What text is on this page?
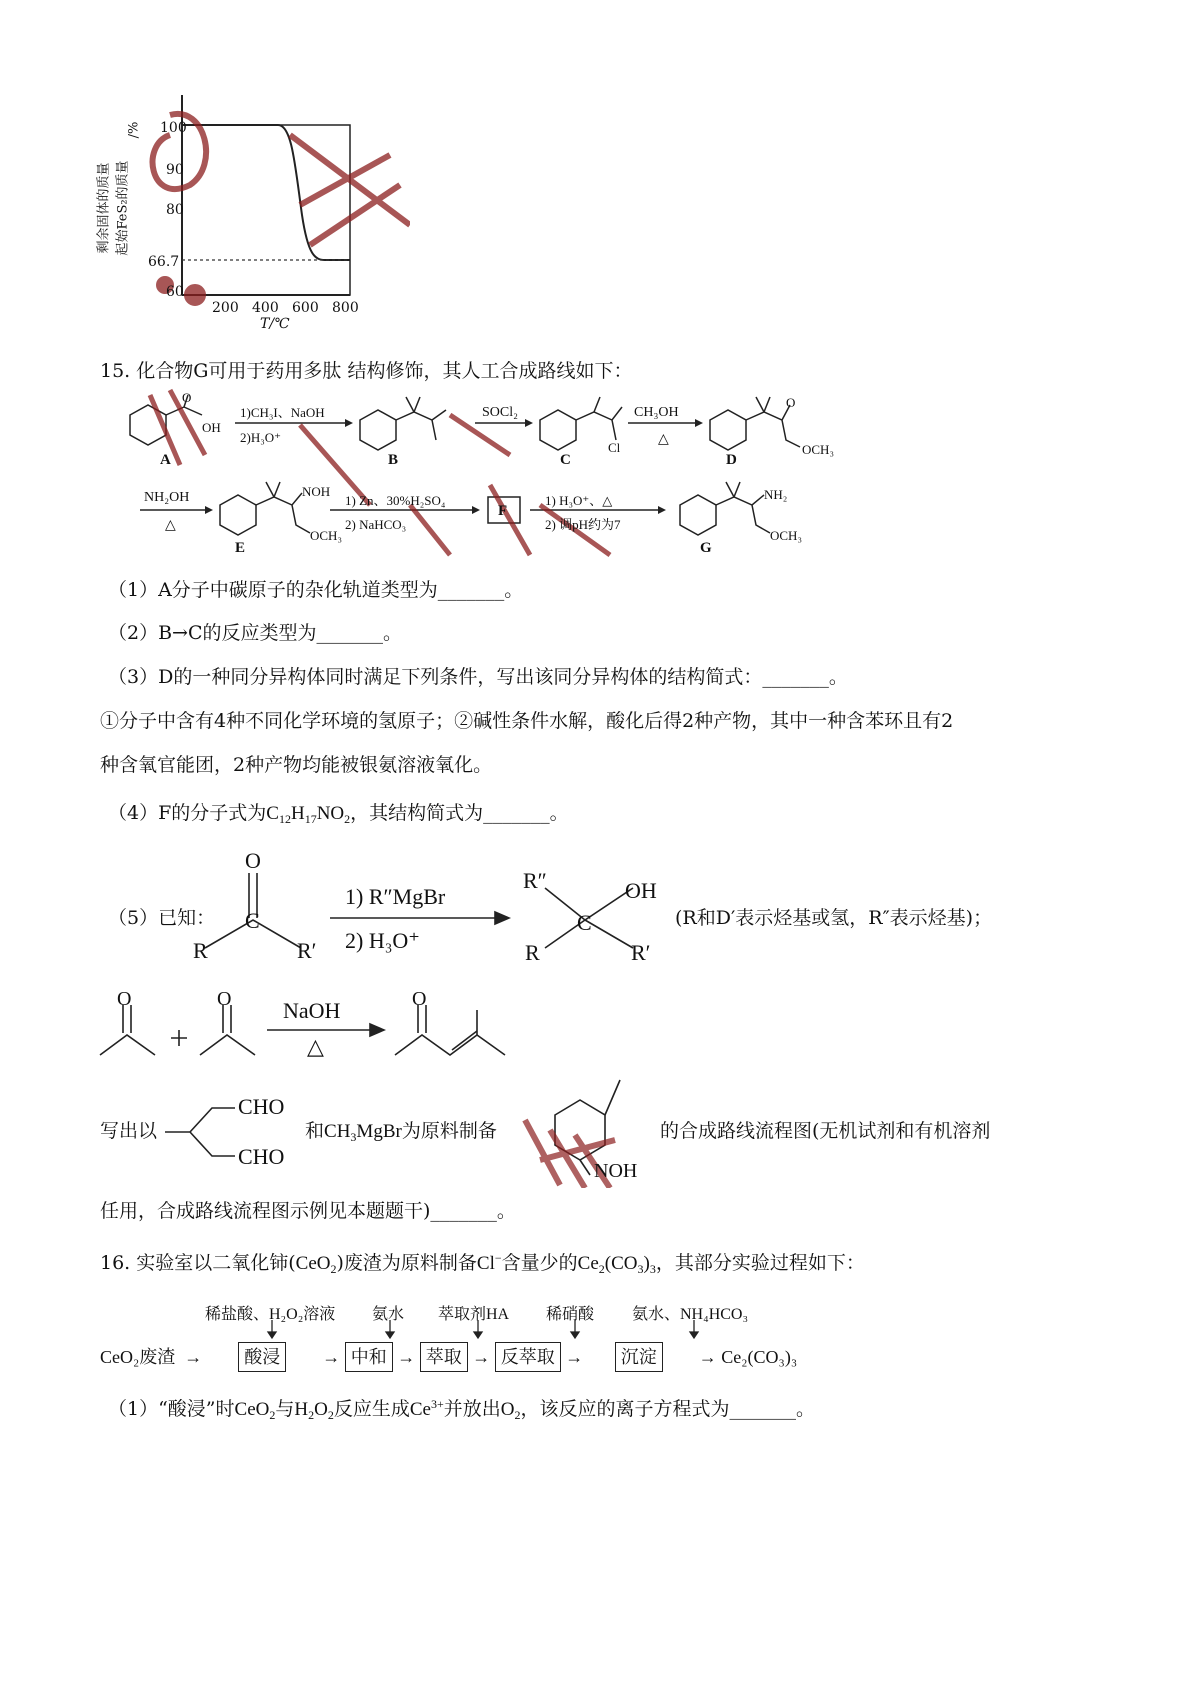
100
90
80
66.7
60
200 400 600 800
T/℃
剩余固体的质量 起始FeS₂的质量
/%
15. 化合物G可用于药用多肽 结构修饰，其人工合成路线如下：
1)CH₃I、NaOH
2)H₃O⁺
SOCl₂	CH₃OH
△
NH₂OH
△
1) Zn、30%H₂SO₄
2) NaHCO₃
1) H₃O⁺、△
2) 调pH约为7
A	B	C	D
E
F
G
O
OH
Cl
O
OCH₃
NOH
OCH₃
NH₂
OCH₃
（1）A分子中碳原子的杂化轨道类型为_______。
（2）B→C的反应类型为_______。
（3）D的一种同分异构体同时满足下列条件，写出该同分异构体的结构简式：_______。
①分子中含有4种不同化学环境的氢原子；②碱性条件水解，酸化后得2种产物，其中一种含苯环且有2
种含氧官能团，2种产物均能被银氨溶液氧化。
（4）F的分子式为$C_{12}H_{17}NO_2$，其结构简式为_______。
（5）已知：
O
R
C
R′
1) R″MgBr
2) H₃O⁺
R″	OH
C
R	R′
(R和D′表示烃基或氢，R″表示烃基)；
O	O NaOH
△
O
写出以
CHO
CHO
和$CH_3MgBr$为原料制备
NOH
的合成路线流程图(无机试剂和有机溶剂
任用，合成路线流程图示例见本题题干)_______。
16. 实验室以二氧化铈(CeO$_2$)废渣为原料制备Cl−含量少的$Ce_2(CO_3)_3$，其部分实验过程如下：
稀盐酸、H₂O₂溶液 氨水 萃取剂HA 稀硝酸 氨水、NH₄HCO₃
CeO₂废渣  →        酸浸        → 中和 → 萃取 → 反萃取 →       沉淀        → Ce₂(CO₃)₃
（1）“酸浸”时CeO$_2$与$H_2O_2$反应生成$Ce^{3+}$并放出$O_2$，该反应的离子方程式为_______。
